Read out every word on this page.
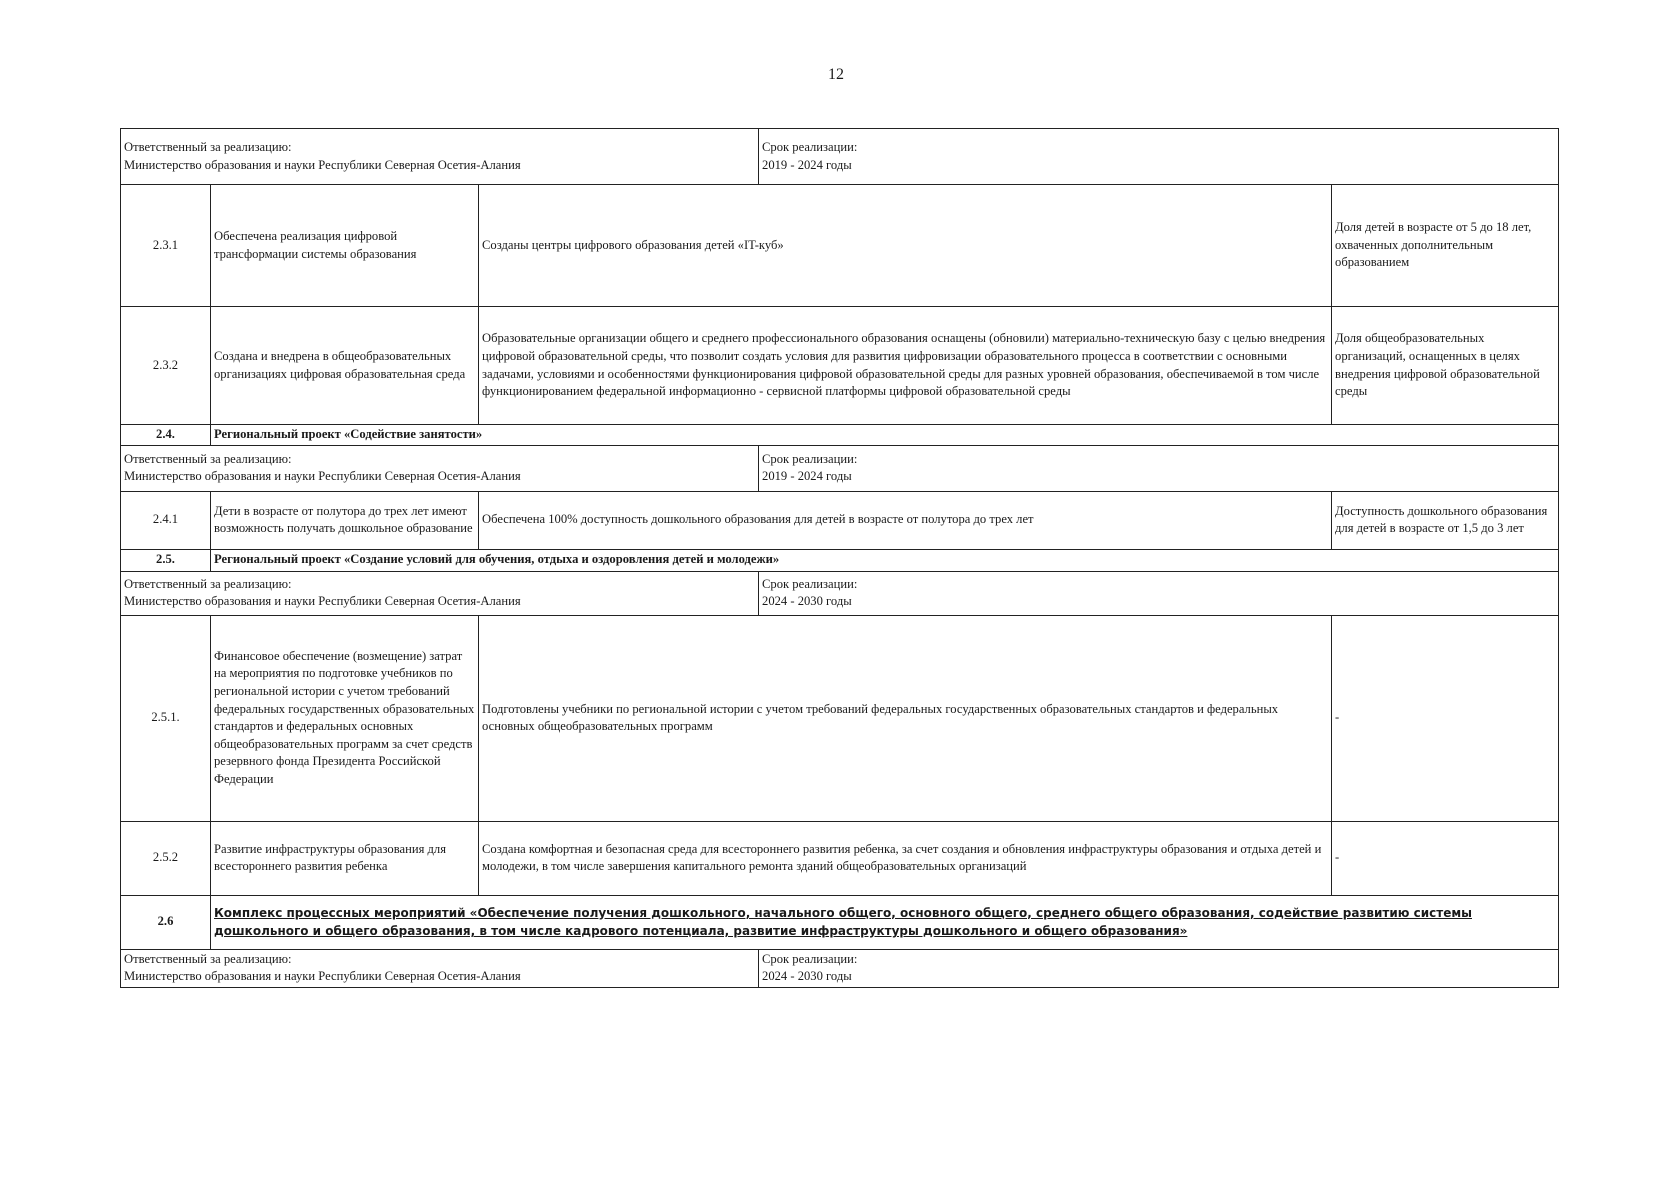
12
Ответственный за реализацию:
Министерство образования и науки Республики Северная Осетия-Алания			Срок реализации:
2019 - 2024 годы	

2.3.1	Обеспечена реализация цифровой трансформации системы образования	Созданы центры цифрового образования детей «IT-куб»		Доля детей в возрасте от 5 до 18 лет, охваченных дополнительным образованием
2.3.2	Создана и внедрена в общеобразовательных организациях цифровая образовательная среда	Образовательные организации общего и среднего профессионального образования оснащены (обновили) материально-техническую базу с целью внедрения цифровой образовательной среды, что позволит создать условия для развития цифровизации образовательного процесса в соответствии с основными задачами, условиями и особенностями функционирования цифровой образовательной среды для разных уровней образования, обеспечиваемой в том числе функционированием федеральной информационно - сервисной платформы цифровой образовательной среды		Доля общеобразовательных организаций, оснащенных в целях внедрения цифровой образовательной среды
2.4.	Региональный проект «Содействие занятости»			

Ответственный за реализацию:
Министерство образования и науки Республики Северная Осетия-Алания			Срок реализации:
2019 - 2024 годы	

2.4.1	Дети в возрасте от полутора до трех лет имеют возможность получать дошкольное образование	Обеспечена 100% доступность дошкольного образования для детей в возрасте от полутора до трех лет		Доступность дошкольного образования для детей в возрасте от 1,5 до 3 лет
2.5.	Региональный проект «Создание условий для обучения, отдыха и оздоровления детей и молодежи»			

Ответственный за реализацию:
Министерство образования и науки Республики Северная Осетия-Алания			Срок реализации:
2024 - 2030 годы	

2.5.1.	Финансовое обеспечение (возмещение) затрат на мероприятия по подготовке учебников по региональной истории с учетом требований федеральных государственных образовательных стандартов и федеральных основных общеобразовательных программ за счет средств резервного фонда Президента Российской Федерации	Подготовлены учебники по региональной истории с учетом требований федеральных государственных образовательных стандартов и федеральных основных общеобразовательных программ		-
2.5.2	Развитие инфраструктуры образования для всестороннего развития ребенка	Создана комфортная и безопасная среда для всестороннего развития ребенка, за счет создания и обновления инфраструктуры образования и отдыха детей и молодежи, в том числе завершения капитального ремонта зданий общеобразовательных организаций		-
2.6	Комплекс процессных мероприятий «Обеспечение получения дошкольного, начального общего, основного общего, среднего общего образования, содействие развитию системы дошкольного и общего образования, в том числе кадрового потенциала, развитие инфраструктуры дошкольного и общего образования»			

Ответственный за реализацию:
Министерство образования и науки Республики Северная Осетия-Алания			Срок реализации:
2024 - 2030 годы	
